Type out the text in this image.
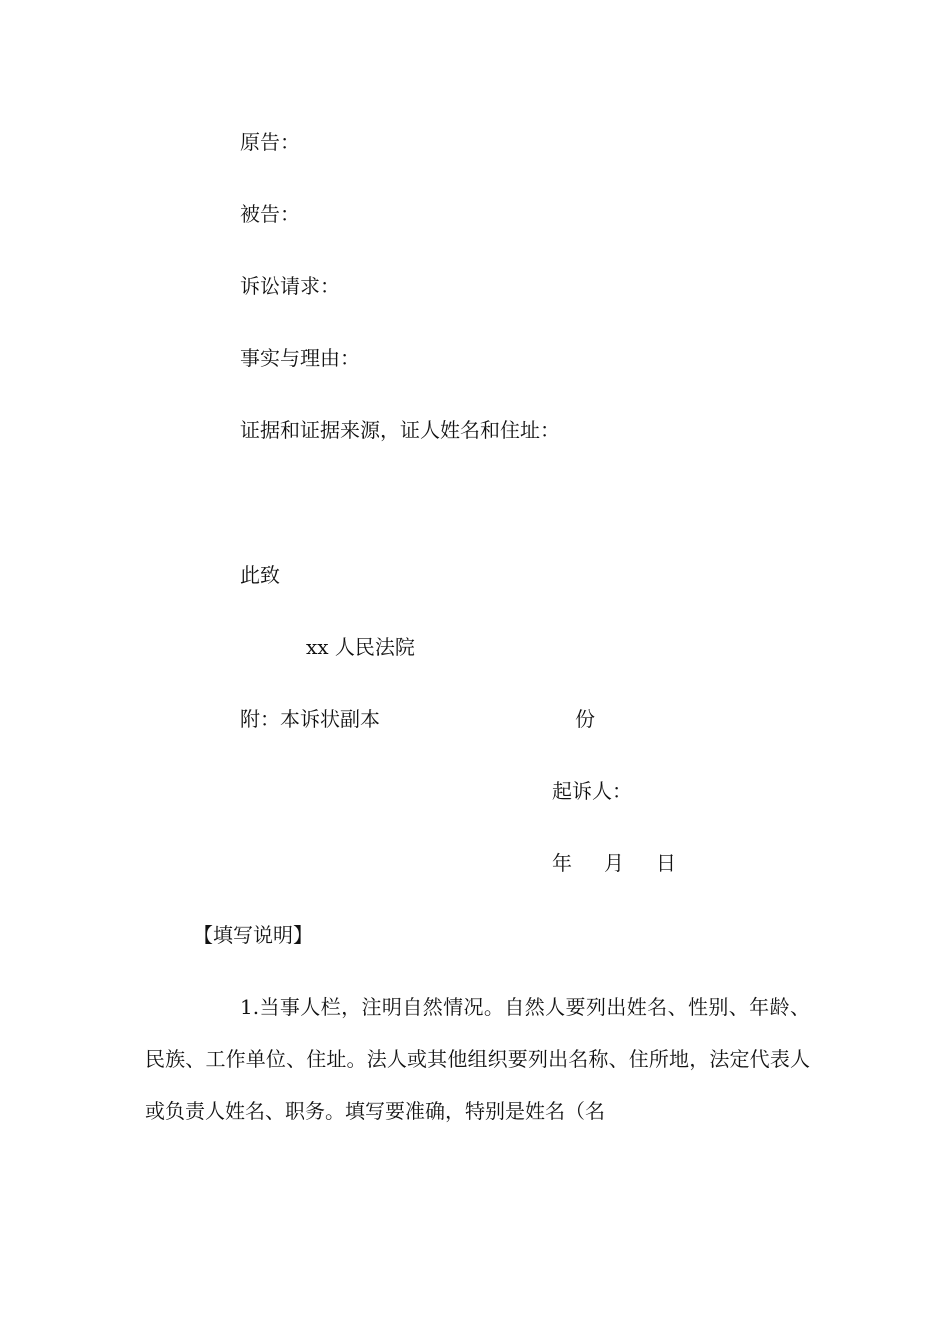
原告：
被告：
诉讼请求：
事实与理由：
证据和证据来源，证人姓名和住址：
此致
xx 人民法院
附：本诉状副本	份
起诉人：
年 月 日
【填写说明】
1.当事人栏，注明自然情况。自然人要列出姓名、性别、年龄、民族、工作单位、住址。法人或其他组织要列出名称、住所地，法定代表人或负责人姓名、职务。填写要准确，特别是姓名（名
